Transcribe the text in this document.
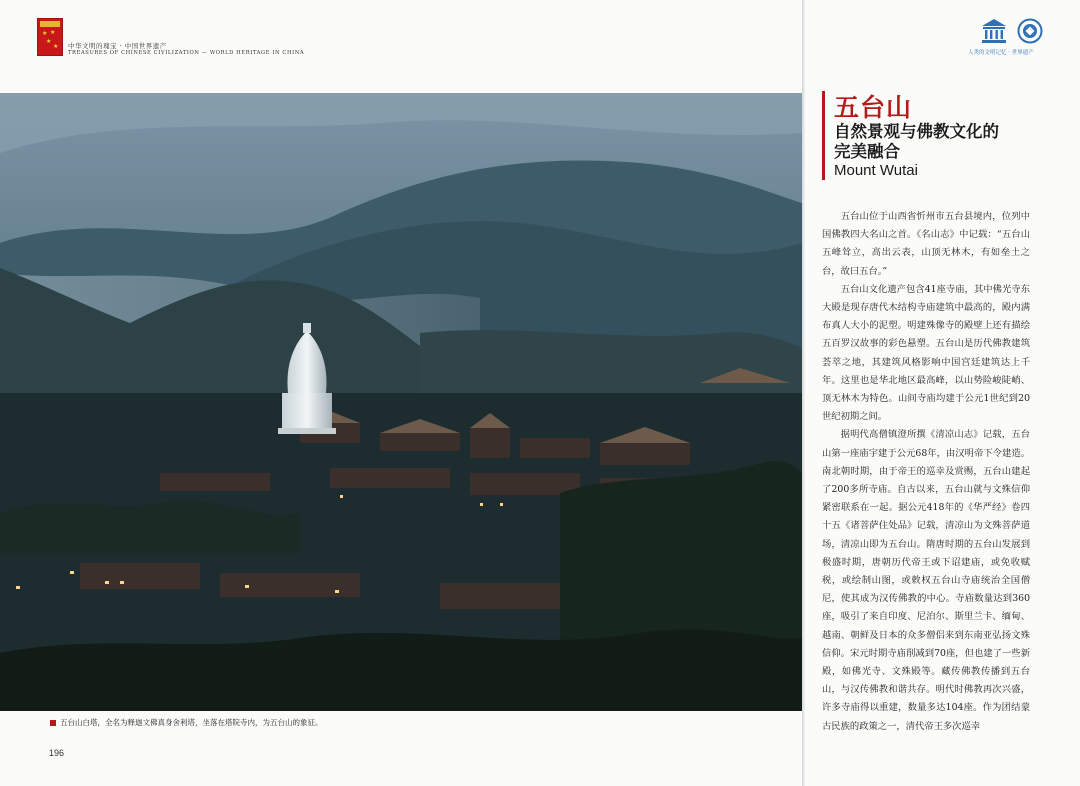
★ ★
★
★ 中华文明的瑰宝 · 中国世界遗产
TREASURES OF CHINESE CIVILIZATION — WORLD HERITAGE IN CHINA
五台山白塔，全名为释迦文佛真身舍利塔，坐落在塔院寺内，为五台山的象征。
196
人类的文明记忆 · 世界遗产
五台山
自然景观与佛教文化的
完美融合
Mount Wutai

五台山位于山西省忻州市五台县境内，位列中国佛教四大名山之首。《名山志》中记载：“五台山五峰耸立，高出云表，山顶无林木，有如垒土之台，故曰五台。”

五台山文化遗产包含41座寺庙，其中佛光寺东大殿是现存唐代木结构寺庙建筑中最高的，殿内满布真人大小的泥塑。明建殊像寺的殿壁上还有描绘五百罗汉故事的彩色悬塑。五台山是历代佛教建筑荟萃之地，其建筑风格影响中国宫廷建筑达上千年。这里也是华北地区最高峰，以山势险峻陡峭、顶无林木为特色。山间寺庙均建于公元1世纪到20世纪初期之间。

据明代高僧镇澄所撰《清凉山志》记载，五台山第一座庙宇建于公元68年，由汉明帝下令建造。南北朝时期，由于帝王的巡幸及赏赐，五台山建起了200多所寺庙。自古以来，五台山就与文殊信仰紧密联系在一起。据公元418年的《华严经》卷四十五《诸菩萨住处品》记载，清凉山为文殊菩萨道场，清凉山即为五台山。隋唐时期的五台山发展到极盛时期，唐朝历代帝王或下诏建庙，或免收赋税，或绘制山图，或敕权五台山寺庙统治全国僧尼，使其成为汉传佛教的中心。寺庙数量达到360座，吸引了来自印度、尼泊尔、斯里兰卡、缅甸、越南、朝鲜及日本的众多僧侣来到东南亚弘扬文殊信仰。宋元时期寺庙削减到70座，但也建了一些新殿，如佛光寺、文殊殿等。藏传佛教传播到五台山，与汉传佛教和谐共存。明代时佛教再次兴盛，许多寺庙得以重建，数量多达104座。作为团结蒙古民族的政策之一，清代帝王多次巡幸
